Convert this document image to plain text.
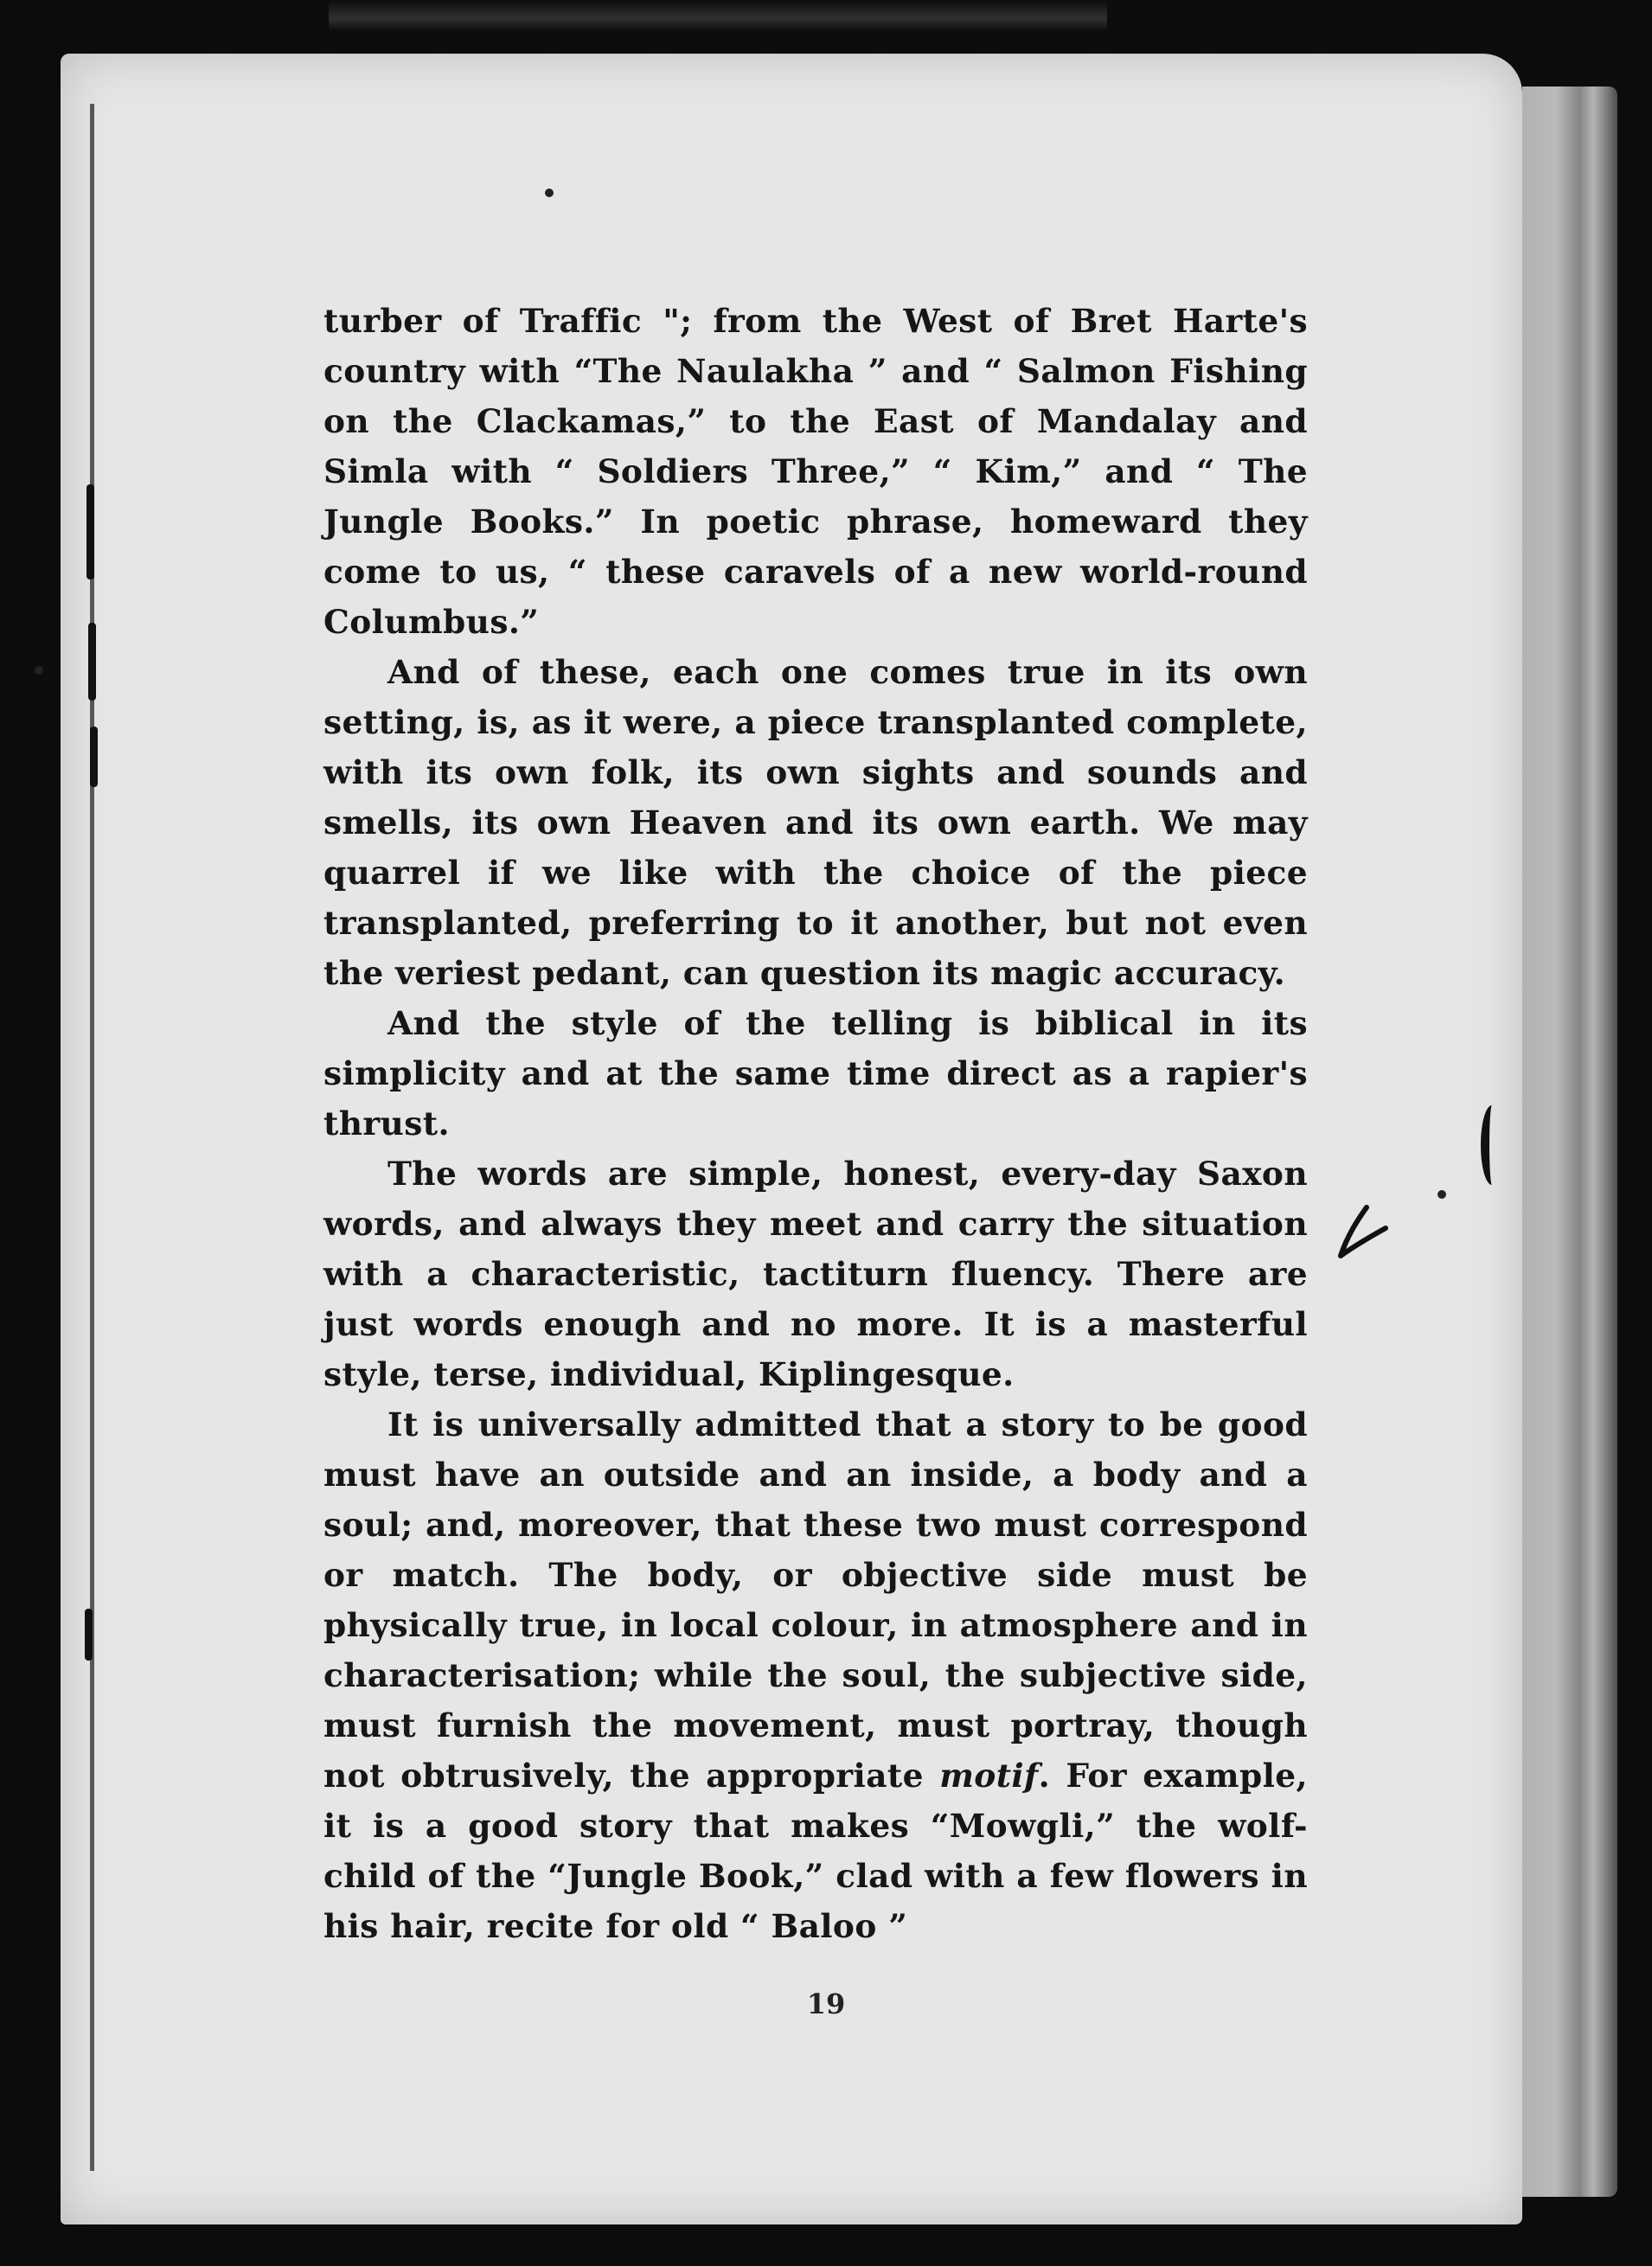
turber of Traffic "; from the West of Bret Harte's country with “The Naulakha ” and “ Salmon Fishing on the Clackamas,” to the East of Mandalay and Simla with “ Soldiers Three,” “ Kim,” and “ The Jungle Books.” In poetic phrase, homeward they come to us, “ these caravels of a new world-round Columbus.”

And of these, each one comes true in its own setting, is, as it were, a piece transplanted complete, with its own folk, its own sights and sounds and smells, its own Heaven and its own earth. We may quarrel if we like with the choice of the piece transplanted, preferring to it another, but not even the veriest pedant, can question its magic accuracy.

And the style of the telling is biblical in its simplicity and at the same time direct as a rapier's thrust.

The words are simple, honest, every-day Saxon words, and always they meet and carry the situation with a characteristic, tactiturn fluency. There are just words enough and no more. It is a masterful style, terse, individual, Kiplingesque.

It is universally admitted that a story to be good must have an outside and an inside, a body and a soul; and, moreover, that these two must correspond or match. The body, or objective side must be physically true, in local colour, in atmosphere and in characterisation; while the soul, the subjective side, must furnish the movement, must portray, though not obtrusively, the appropriate motif. For example, it is a good story that makes “Mowgli,” the wolf-child of the “Jungle Book,” clad with a few flowers in his hair, recite for old “ Baloo ”

19
